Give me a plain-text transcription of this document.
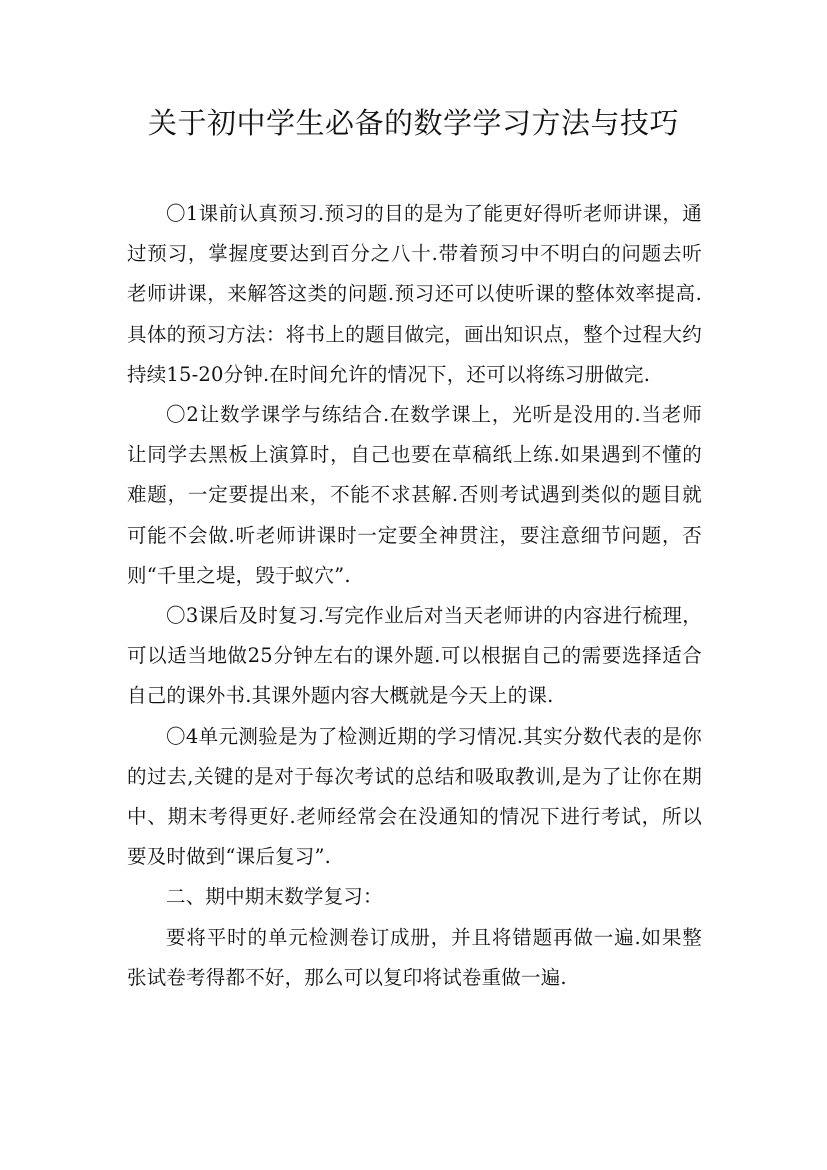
关于初中学生必备的数学学习方法与技巧

〇1课前认真预习.预习的目的是为了能更好得听老师讲课，通过预习，掌握度要达到百分之八十.带着预习中不明白的问题去听老师讲课，来解答这类的问题.预习还可以使听课的整体效率提高.具体的预习方法：将书上的题目做完，画出知识点，整个过程大约持续15-20分钟.在时间允许的情况下，还可以将练习册做完.

〇2让数学课学与练结合.在数学课上，光听是没用的.当老师让同学去黑板上演算时，自己也要在草稿纸上练.如果遇到不懂的难题，一定要提出来，不能不求甚解.否则考试遇到类似的题目就可能不会做.听老师讲课时一定要全神贯注，要注意细节问题，否则“千里之堤，毁于蚁穴”.

〇3课后及时复习.写完作业后对当天老师讲的内容进行梳理，可以适当地做25分钟左右的课外题.可以根据自己的需要选择适合自己的课外书.其课外题内容大概就是今天上的课.

〇4单元测验是为了检测近期的学习情况.其实分数代表的是你的过去,关键的是对于每次考试的总结和吸取教训,是为了让你在期中、期末考得更好.老师经常会在没通知的情况下进行考试，所以要及时做到“课后复习”.

二、期中期末数学复习：

要将平时的单元检测卷订成册，并且将错题再做一遍.如果整张试卷考得都不好，那么可以复印将试卷重做一遍.
